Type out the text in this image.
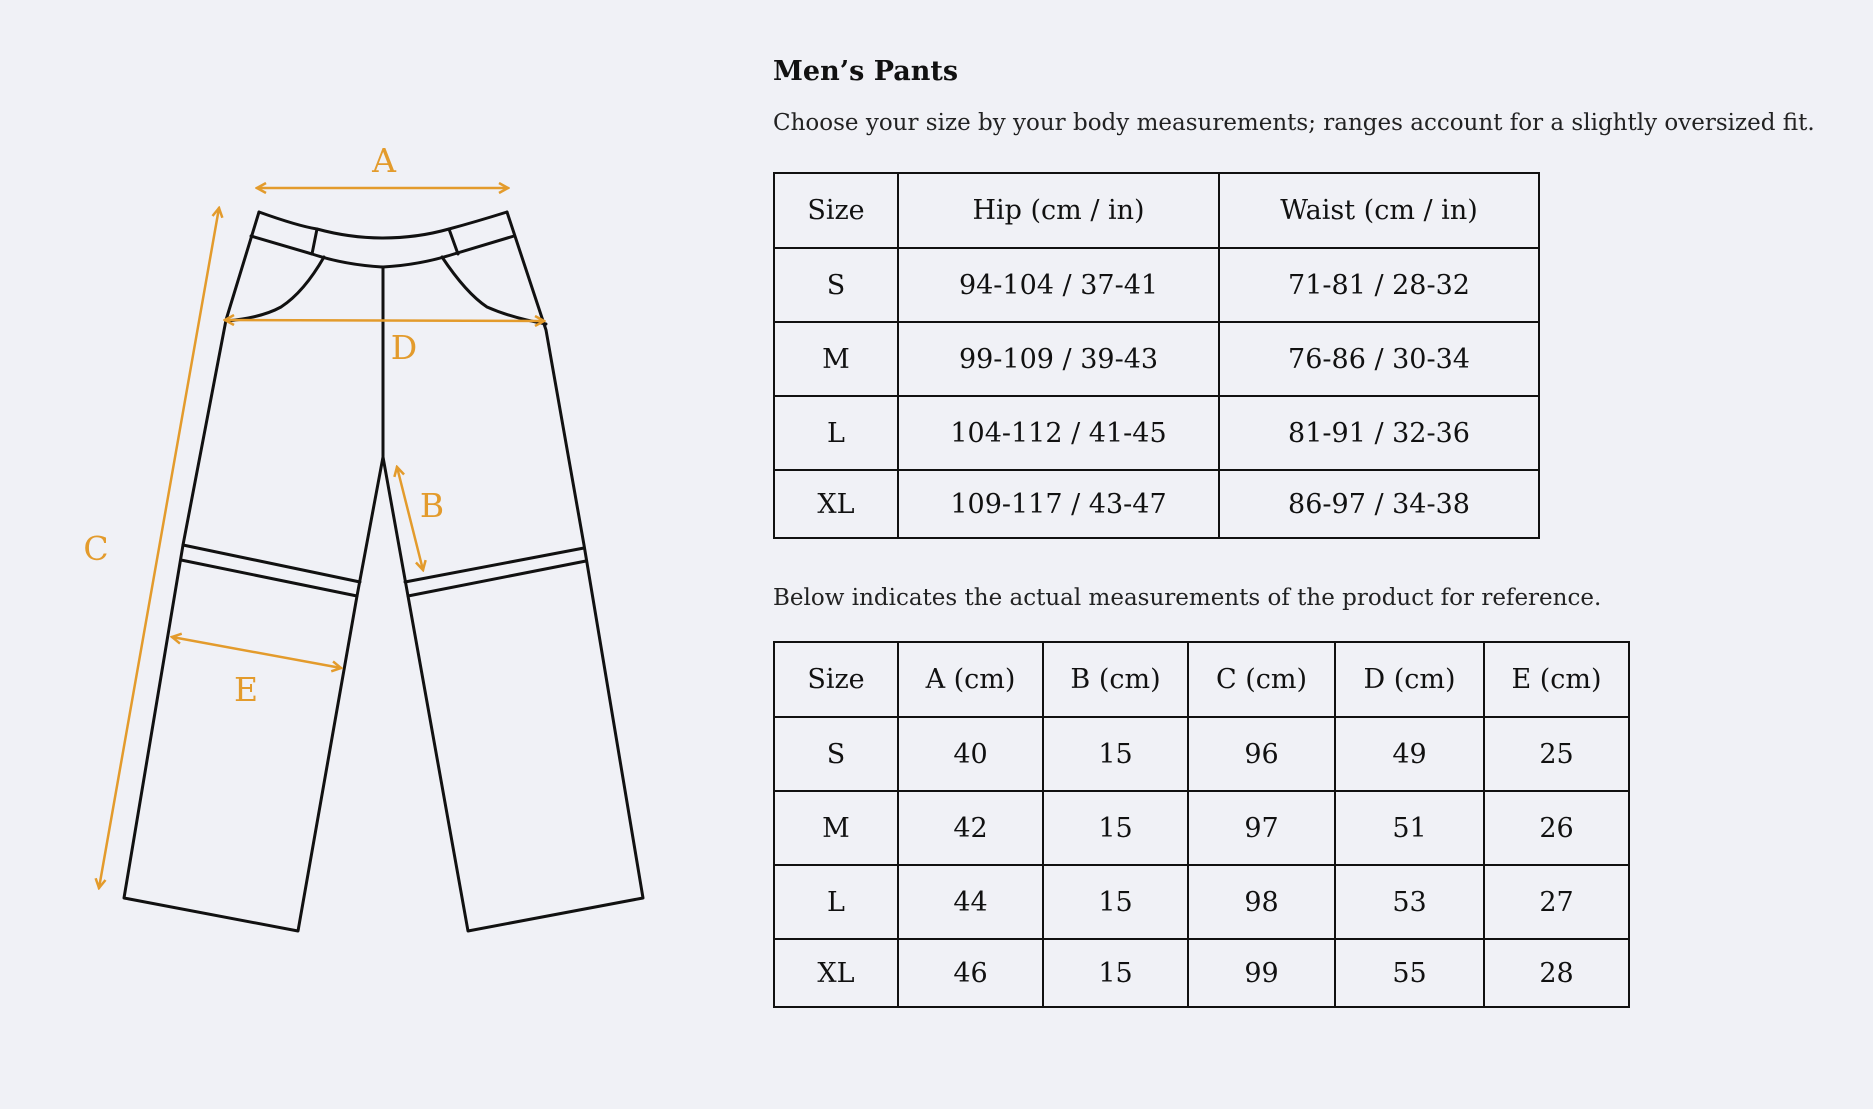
A
D
B
C
E
Men’s Pants
Choose your size by your body measurements; ranges account for a slightly oversized fit.
Size	Hip (cm / in)	Waist (cm / in)
S	94-104 / 37-41	71-81 / 28-32
M	99-109 / 39-43	76-86 / 30-34
L	104-112 / 41-45	81-91 / 32-36
XL	109-117 / 43-47	86-97 / 34-38
Below indicates the actual measurements of the product for reference.
Size	A (cm)	B (cm)	C (cm)	D (cm)	E (cm)
S	40	15	96	49	25
M	42	15	97	51	26
L	44	15	98	53	27
XL	46	15	99	55	28
